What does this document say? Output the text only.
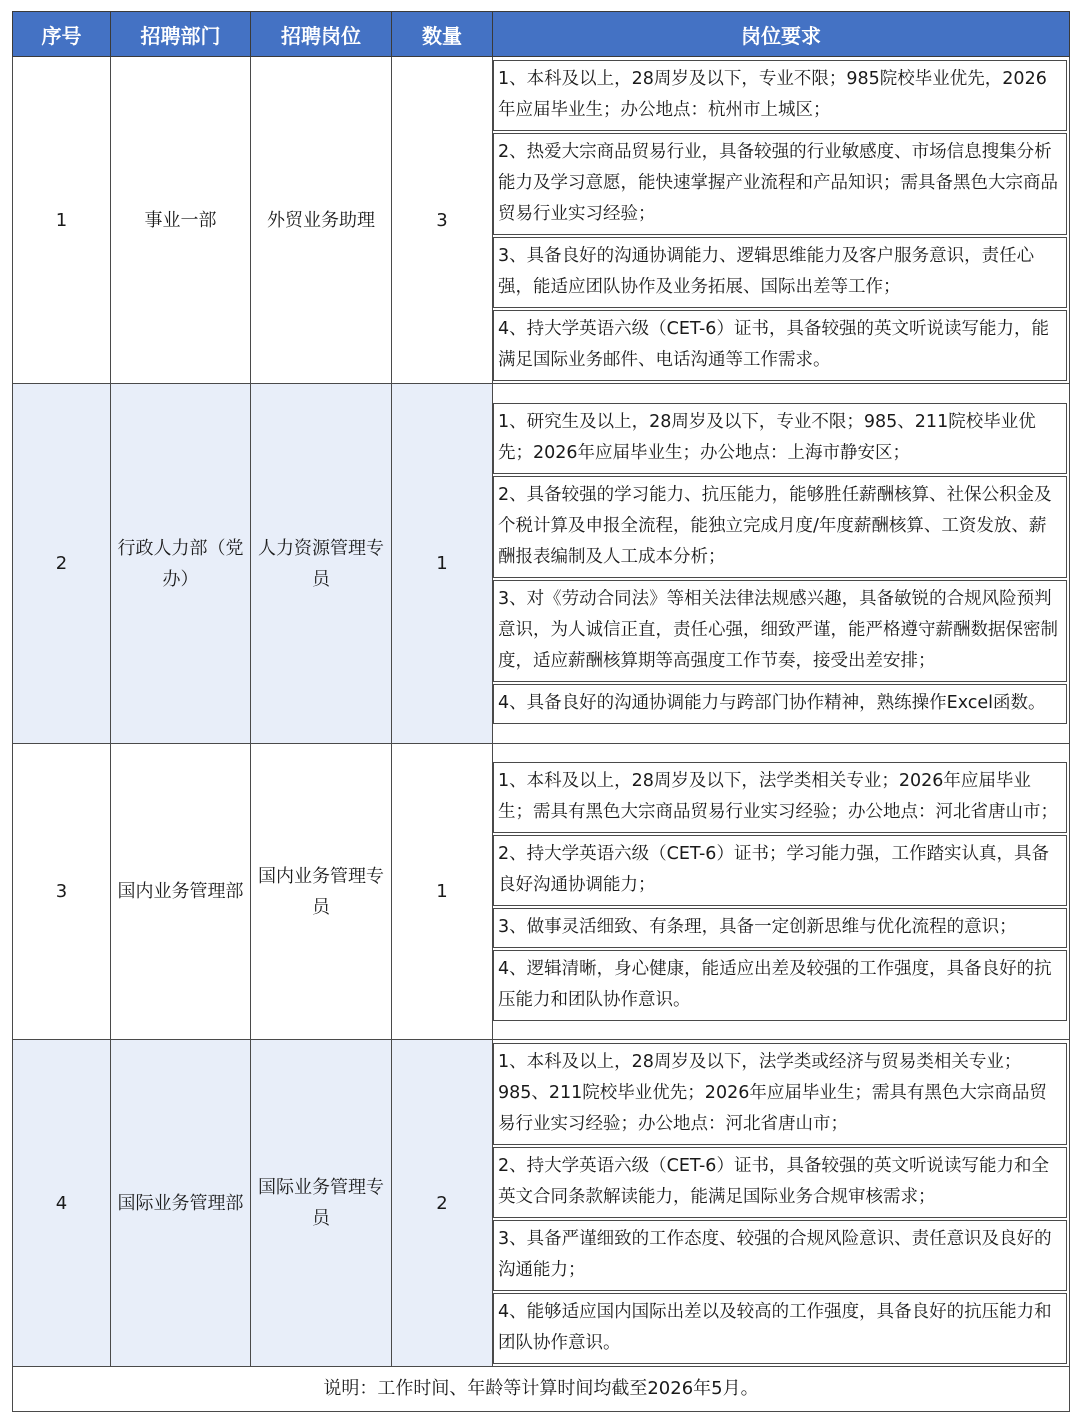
序号	招聘部门	招聘岗位	数量	岗位要求
1	事业一部	外贸业务助理	3	1、本科及以上，28周岁及以下，专业不限；985院校毕业优先，2026年应届毕业生；办公地点：杭州市上城区；
2、热爱大宗商品贸易行业，具备较强的行业敏感度、市场信息搜集分析能力及学习意愿，能快速掌握产业流程和产品知识；需具备黑色大宗商品贸易行业实习经验；
3、具备良好的沟通协调能力、逻辑思维能力及客户服务意识，责任心强，能适应团队协作及业务拓展、国际出差等工作；
4、持大学英语六级（CET-6）证书，具备较强的英文听说读写能力，能满足国际业务邮件、电话沟通等工作需求。

2	行政人力部（党办）	人力资源管理专员	1	1、研究生及以上，28周岁及以下，专业不限；985、211院校毕业优先；2026年应届毕业生；办公地点：上海市静安区；
2、具备较强的学习能力、抗压能力，能够胜任薪酬核算、社保公积金及个税计算及申报全流程，能独立完成月度/年度薪酬核算、工资发放、薪酬报表编制及人工成本分析；
3、对《劳动合同法》等相关法律法规感兴趣，具备敏锐的合规风险预判意识，为人诚信正直，责任心强，细致严谨，能严格遵守薪酬数据保密制度，适应薪酬核算期等高强度工作节奏，接受出差安排；
4、具备良好的沟通协调能力与跨部门协作精神，熟练操作Excel函数。

3	国内业务管理部	国内业务管理专员	1	1、本科及以上，28周岁及以下，法学类相关专业；2026年应届毕业生；需具有黑色大宗商品贸易行业实习经验；办公地点：河北省唐山市；
2、持大学英语六级（CET-6）证书；学习能力强，工作踏实认真，具备良好沟通协调能力；
3、做事灵活细致、有条理，具备一定创新思维与优化流程的意识；
4、逻辑清晰，身心健康，能适应出差及较强的工作强度，具备良好的抗压能力和团队协作意识。

4	国际业务管理部	国际业务管理专员	2	1、本科及以上，28周岁及以下，法学类或经济与贸易类相关专业；985、211院校毕业优先；2026年应届毕业生；需具有黑色大宗商品贸易行业实习经验；办公地点：河北省唐山市；
2、持大学英语六级（CET-6）证书，具备较强的英文听说读写能力和全英文合同条款解读能力，能满足国际业务合规审核需求；
3、具备严谨细致的工作态度、较强的合规风险意识、责任意识及良好的沟通能力；
4、能够适应国内国际出差以及较高的工作强度，具备良好的抗压能力和团队协作意识。

说明：工作时间、年龄等计算时间均截至2026年5月。				
